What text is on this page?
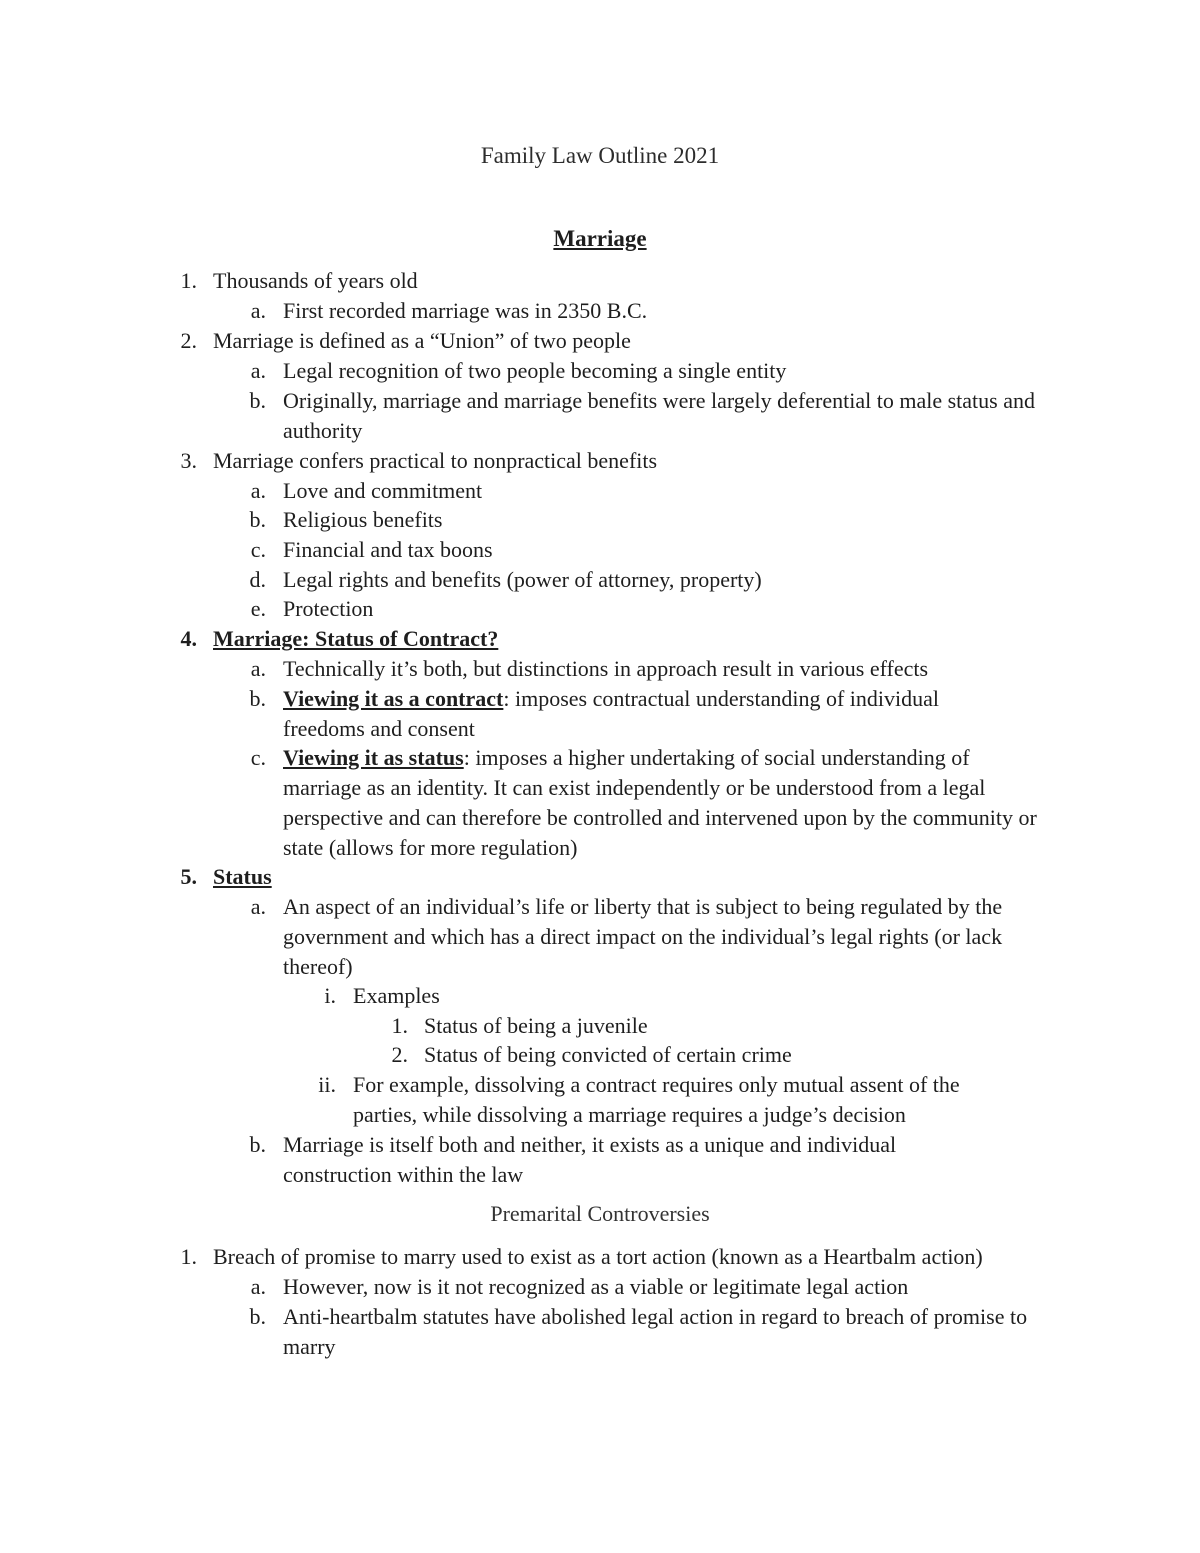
Family Law Outline 2021
Marriage
1. Thousands of years old
a. First recorded marriage was in 2350 B.C.
2. Marriage is defined as a “Union” of two people
a. Legal recognition of two people becoming a single entity
b. Originally, marriage and marriage benefits were largely deferential to male status and authority
3. Marriage confers practical to nonpractical benefits
a. Love and commitment
b. Religious benefits
c. Financial and tax boons
d. Legal rights and benefits (power of attorney, property)
e. Protection
4. Marriage: Status of Contract?
a. Technically it’s both, but distinctions in approach result in various effects
b. Viewing it as a contract: imposes contractual understanding of individual freedoms and consent
c. Viewing it as status: imposes a higher undertaking of social understanding of marriage as an identity. It can exist independently or be understood from a legal perspective and can therefore be controlled and intervened upon by the community or state (allows for more regulation)
5. Status
a. An aspect of an individual’s life or liberty that is subject to being regulated by the government and which has a direct impact on the individual’s legal rights (or lack thereof)
i. Examples
1. Status of being a juvenile
2. Status of being convicted of certain crime
ii. For example, dissolving a contract requires only mutual assent of the parties, while dissolving a marriage requires a judge’s decision
b. Marriage is itself both and neither, it exists as a unique and individual construction within the law
Premarital Controversies
1. Breach of promise to marry used to exist as a tort action (known as a Heartbalm action)
a. However, now is it not recognized as a viable or legitimate legal action
b. Anti-heartbalm statutes have abolished legal action in regard to breach of promise to marry
